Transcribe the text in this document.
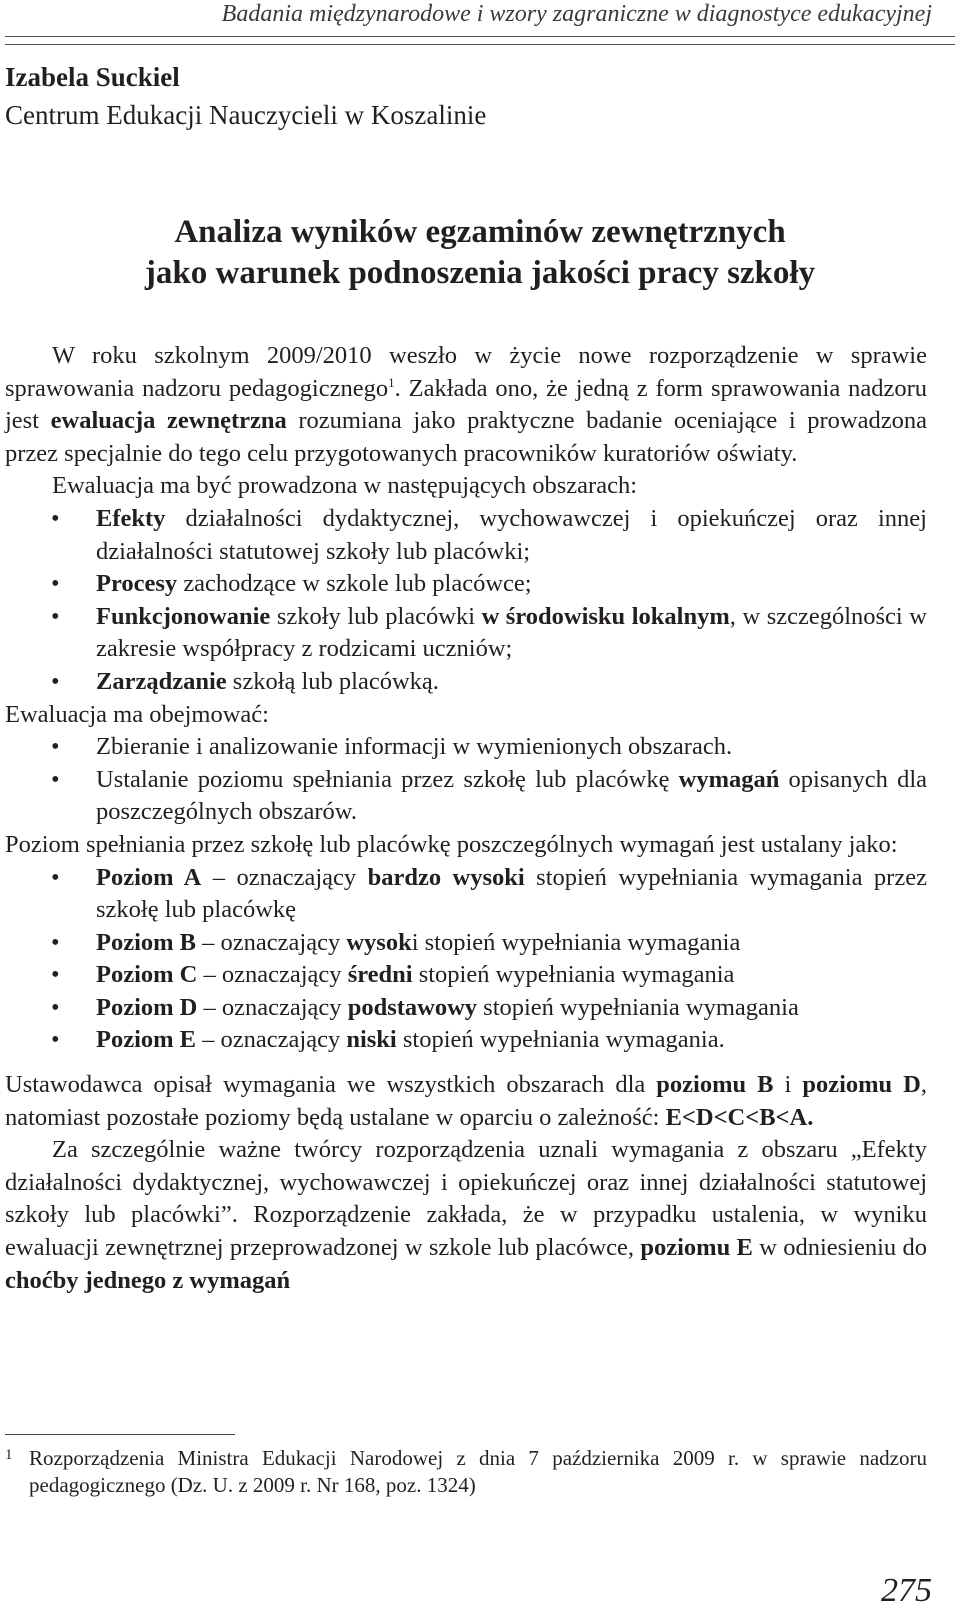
Badania międzynarodowe i wzory zagraniczne w diagnostyce edukacyjnej
Izabela Suckiel
Centrum Edukacji Nauczycieli w Koszalinie
Analiza wyników egzaminów zewnętrznych
jako warunek podnoszenia jakości pracy szkoły

W roku szkolnym 2009/2010 weszło w życie nowe rozporządzenie w sprawie sprawowania nadzoru pedagogicznego$^1$. Zakłada ono, że jedną z form sprawowania nadzoru jest ewaluacja zewnętrzna rozumiana jako praktyczne badanie oceniające i prowadzona przez specjalnie do tego celu przygotowanych pracowników kuratoriów oświaty.

Ewaluacja ma być prowadzona w następujących obszarach:

• Efekty działalności dydaktycznej, wychowawczej i opiekuńczej oraz innej działalności statutowej szkoły lub placówki;
• Procesy zachodzące w szkole lub placówce;
• Funkcjonowanie szkoły lub placówki w środowisku lokalnym, w szczególności w zakresie współpracy z rodzicami uczniów;
• Zarządzanie szkołą lub placówką.

Ewaluacja ma obejmować:

• Zbieranie i analizowanie informacji w wymienionych obszarach.
• Ustalanie poziomu spełniania przez szkołę lub placówkę wymagań opisanych dla poszczególnych obszarów.

Poziom spełniania przez szkołę lub placówkę poszczególnych wymagań jest ustalany jako:

• Poziom A – oznaczający bardzo wysoki stopień wypełniania wymagania przez szkołę lub placówkę
• Poziom B – oznaczający wysoki stopień wypełniania wymagania
• Poziom C – oznaczający średni stopień wypełniania wymagania
• Poziom D – oznaczający podstawowy stopień wypełniania wymagania
• Poziom E – oznaczający niski stopień wypełniania wymagania.

Ustawodawca opisał wymagania we wszystkich obszarach dla poziomu B i poziomu D, natomiast pozostałe poziomy będą ustalane w oparciu o zależność: E<D<C<B<A.

Za szczególnie ważne twórcy rozporządzenia uznali wymagania z obszaru „Efekty działalności dydaktycznej, wychowawczej i opiekuńczej oraz innej działalności statutowej szkoły lub placówki”. Rozporządzenie zakłada, że w przypadku ustalenia, w wyniku ewaluacji zewnętrznej przeprowadzonej w szkole lub placówce, poziomu E w odniesieniu do choćby jednego z wymagań

1 Rozporządzenia Ministra Edukacji Narodowej z dnia 7 października 2009 r. w sprawie nadzoru pedagogicznego (Dz. U. z 2009 r. Nr 168, poz. 1324)
275
